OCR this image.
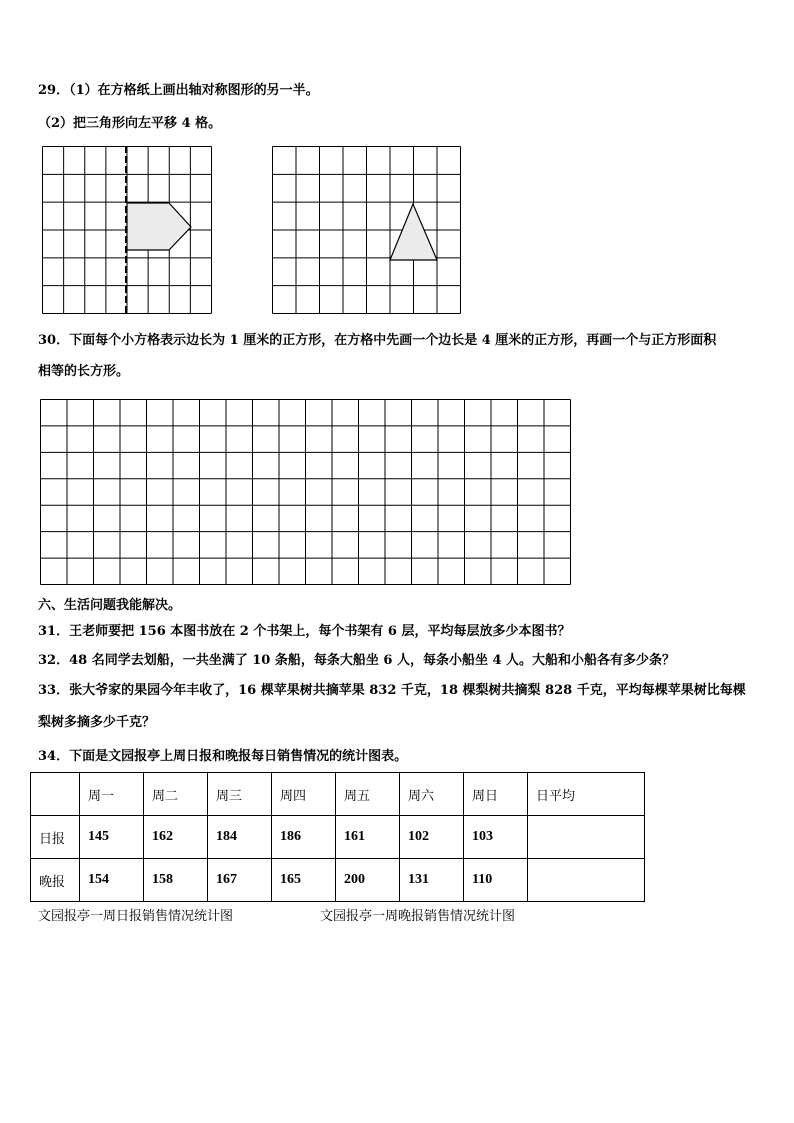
29．（1）在方格纸上画出轴对称图形的另一半。
（2）把三角形向左平移 4 格。
30．下面每个小方格表示边长为 1 厘米的正方形，在方格中先画一个边长是 4 厘米的正方形，再画一个与正方形面积
相等的长方形。
六、生活问题我能解决。
31．王老师要把 156 本图书放在 2 个书架上，每个书架有 6 层，平均每层放多少本图书？
32．48 名同学去划船，一共坐满了 10 条船，每条大船坐 6 人，每条小船坐 4 人。大船和小船各有多少条？
33．张大爷家的果园今年丰收了，16 棵苹果树共摘苹果 832 千克，18 棵梨树共摘梨 828 千克，平均每棵苹果树比每棵
梨树多摘多少千克？
34．下面是文园报亭上周日报和晚报每日销售情况的统计图表。
	周一	周二	周三	周四	周五	周六	周日	日平均
日报	145	162	184	186	161	102	103	
晚报	154	158	167	165	200	131	110	
文园报亭一周日报销售情况统计图	文园报亭一周晚报销售情况统计图
